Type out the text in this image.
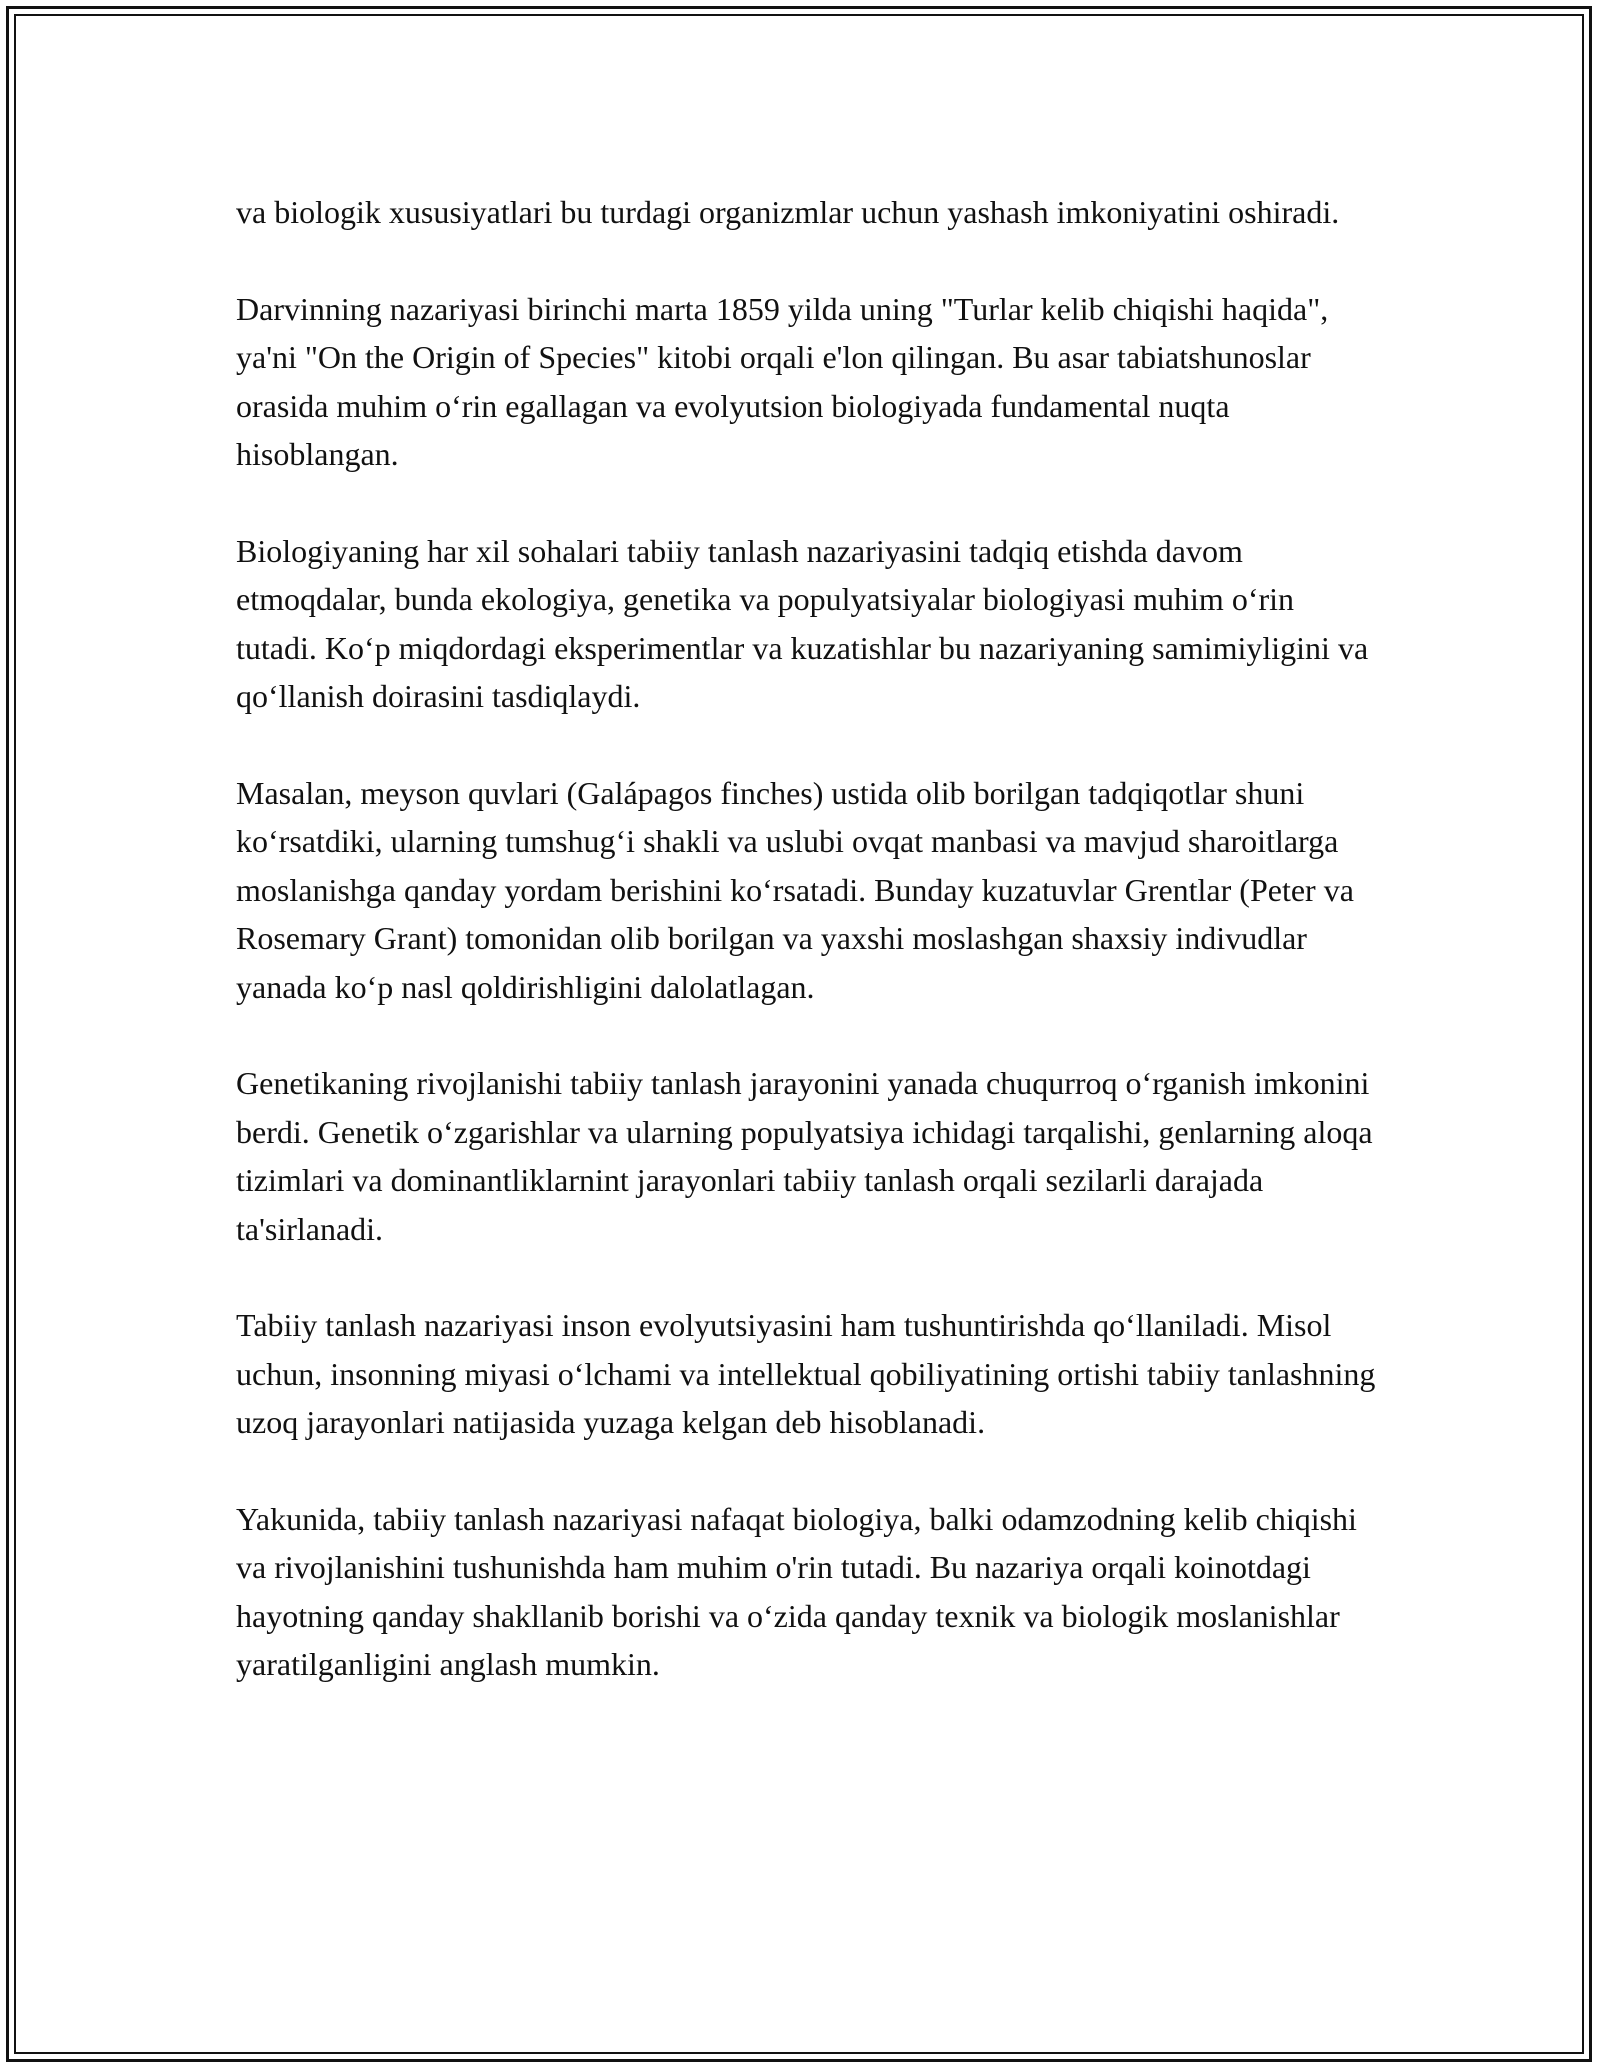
va biologik xususiyatlari bu turdagi organizmlar uchun yashash imkoniyatini oshiradi.

Darvinning nazariyasi birinchi marta 1859 yilda uning "Turlar kelib chiqishi haqida", ya'ni "On the Origin of Species" kitobi orqali e'lon qilingan. Bu asar tabiatshunoslar orasida muhim o‘rin egallagan va evolyutsion biologiyada fundamental nuqta hisoblangan.

Biologiyaning har xil sohalari tabiiy tanlash nazariyasini tadqiq etishda davom etmoqdalar, bunda ekologiya, genetika va populyatsiyalar biologiyasi muhim o‘rin tutadi. Ko‘p miqdordagi eksperimentlar va kuzatishlar bu nazariyaning samimiyligini va qo‘llanish doirasini tasdiqlaydi.

Masalan, meyson quvlari (Galápagos finches) ustida olib borilgan tadqiqotlar shuni ko‘rsatdiki, ularning tumshug‘i shakli va uslubi ovqat manbasi va mavjud sharoitlarga moslanishga qanday yordam berishini ko‘rsatadi. Bunday kuzatuvlar Grentlar (Peter va Rosemary Grant) tomonidan olib borilgan va yaxshi moslashgan shaxsiy indivudlar yanada ko‘p nasl qoldirishligini dalolatlagan.

Genetikaning rivojlanishi tabiiy tanlash jarayonini yanada chuqurroq o‘rganish imkonini berdi. Genetik o‘zgarishlar va ularning populyatsiya ichidagi tarqalishi, genlarning aloqa tizimlari va dominantliklarnint jarayonlari tabiiy tanlash orqali sezilarli darajada ta'sirlanadi.

Tabiiy tanlash nazariyasi inson evolyutsiyasini ham tushuntirishda qo‘llaniladi. Misol uchun, insonning miyasi o‘lchami va intellektual qobiliyatining ortishi tabiiy tanlashning uzoq jarayonlari natijasida yuzaga kelgan deb hisoblanadi.

Yakunida, tabiiy tanlash nazariyasi nafaqat biologiya, balki odamzodning kelib chiqishi va rivojlanishini tushunishda ham muhim o'rin tutadi. Bu nazariya orqali koinotdagi hayotning qanday shakllanib borishi va o‘zida qanday texnik va biologik moslanishlar yaratilganligini anglash mumkin.
